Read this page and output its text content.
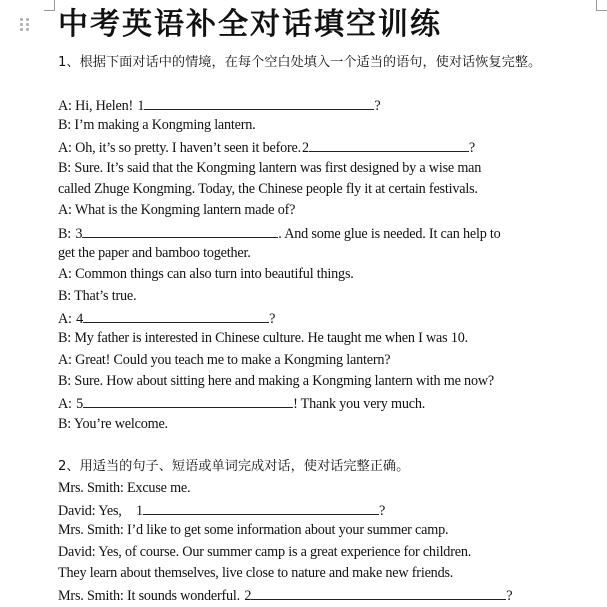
中考英语补全对话填空训练

1、根据下面对话中的情境，在每个空白处填入一个适当的语句，使对话恢复完整。

A: Hi, Helen! 1	?
B: I’m making a Kongming lantern.
A: Oh, it’s so pretty. I haven’t seen it before.2	?
B: Sure. It’s said that the Kongming lantern was first designed by a wise man
called Zhuge Kongming. Today, the Chinese people fly it at certain festivals.
A: What is the Kongming lantern made of?
B: 3	. And some glue is needed. It can help to
get the paper and bamboo together.
A: Common things can also turn into beautiful things.
B: That’s true.
A: 4	?
B: My father is interested in Chinese culture. He taught me when I was 10.
A: Great! Could you teach me to make a Kongming lantern?
B: Sure. How about sitting here and making a Kongming lantern with me now?
A: 5	! Thank you very much.
B: You’re welcome.

2、用适当的句子、短语或单词完成对话，使对话完整正确。

Mrs. Smith: Excuse me.
David: Yes, 1	?
Mrs. Smith: I’d like to get some information about your summer camp.
David: Yes, of course. Our summer camp is a great experience for children.
They learn about themselves, live close to nature and make new friends.
Mrs. Smith: It sounds wonderful. 2	?
